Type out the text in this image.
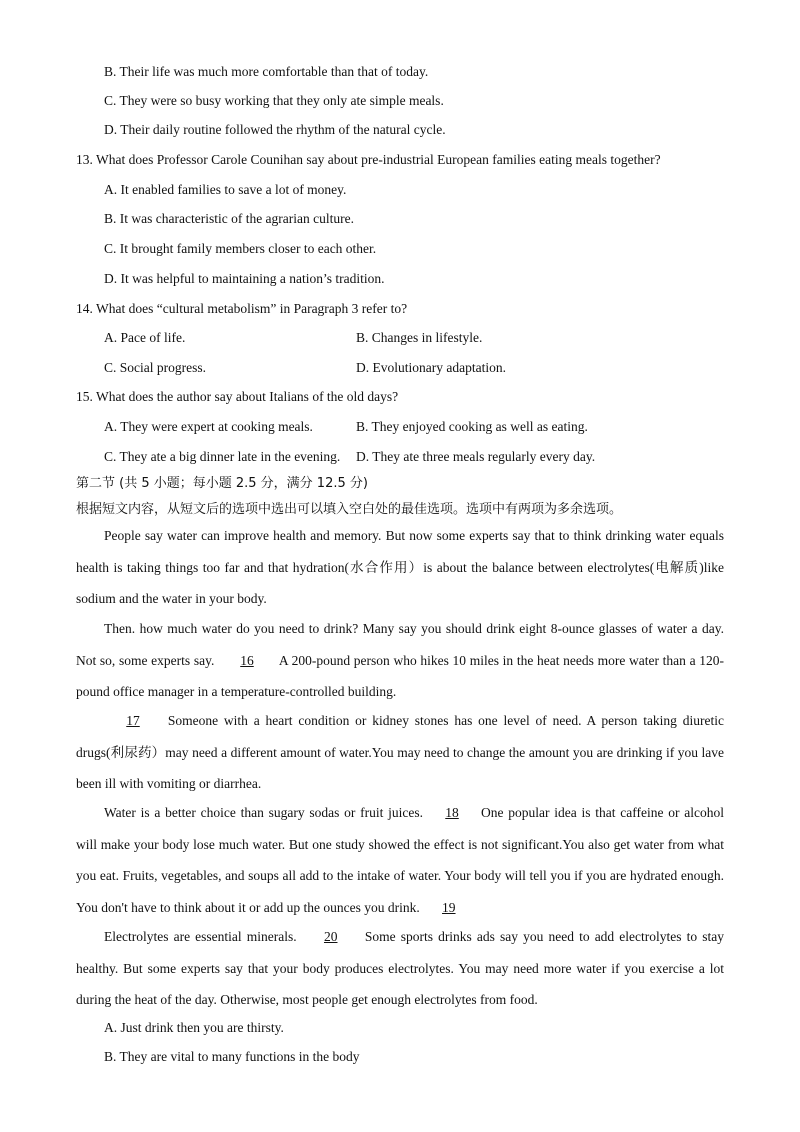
B. Their life was much more comfortable than that of today.
C. They were so busy working that they only ate simple meals.
D. Their daily routine followed the rhythm of the natural cycle.
13. What does Professor Carole Counihan say about pre-industrial European families eating meals together?
A. It enabled families to save a lot of money.
B. It was characteristic of the agrarian culture.
C. It brought family members closer to each other.
D. It was helpful to maintaining a nation’s tradition.
14. What does “cultural metabolism” in Paragraph 3 refer to?
A. Pace of life.	B. Changes in lifestyle.
C. Social progress.	D. Evolutionary adaptation.
15. What does the author say about Italians of the old days?
A. They were expert at cooking meals.	B. They enjoyed cooking as well as eating.
C. They ate a big dinner late in the evening. D. They ate three meals regularly every day.
第二节 (共 5 小题；每小题 2.5 分，满分 12.5 分)
根据短文内容，从短文后的选项中选出可以填入空白处的最佳选项。选项中有两项为多余选项。
People say water can improve health and memory. But now some experts say that to think drinking water equals health is taking things too far and that hydration(水合作用）is about the balance between electrolytes(电解质)like sodium and the water in your body.
Then. how much water do you need to drink? Many say you should drink eight 8-ounce glasses of water a day. Not so, some experts say. 16 A 200-pound person who hikes 10 miles in the heat needs more water than a 120-pound office manager in a temperature-controlled building.
17 Someone with a heart condition or kidney stones has one level of need. A person taking diuretic drugs(利尿药）may need a different amount of water.You may need to change the amount you are drinking if you lave been ill with vomiting or diarrhea.
Water is a better choice than sugary sodas or fruit juices. 18 One popular idea is that caffeine or alcohol will make your body lose much water. But one study showed the effect is not significant.You also get water from what you eat. Fruits, vegetables, and soups all add to the intake of water. Your body will tell you if you are hydrated enough. You don't have to think about it or add up the ounces you drink. 19
Electrolytes are essential minerals. 20 Some sports drinks ads say you need to add electrolytes to stay healthy. But some experts say that your body produces electrolytes. You may need more water if you exercise a lot during the heat of the day. Otherwise, most people get enough electrolytes from food.
A. Just drink then you are thirsty.
B. They are vital to many functions in the body
